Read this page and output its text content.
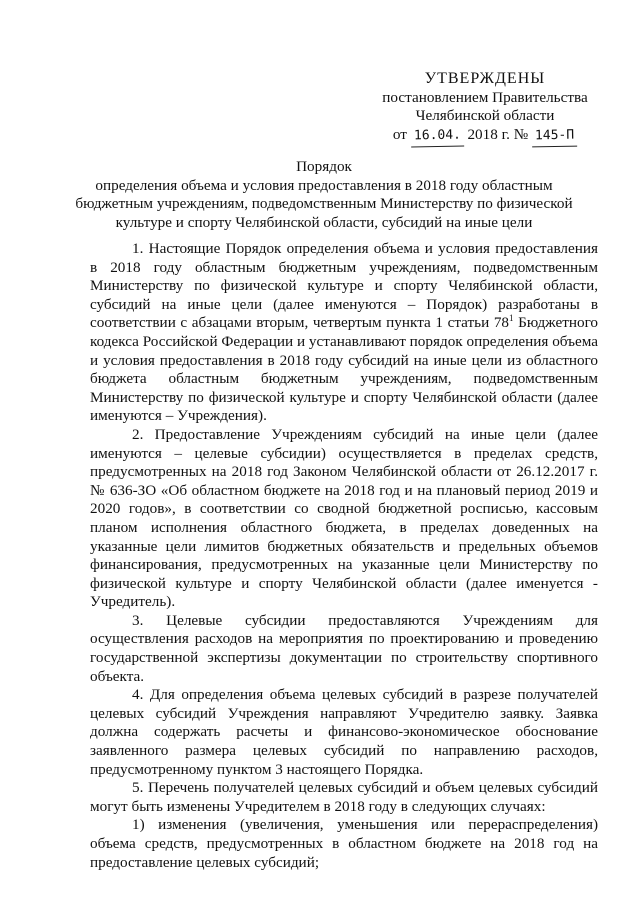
УТВЕРЖДЕНЫ
постановлением Правительства
Челябинской области
от 16.04. 2018 г. № 145-П
Порядок
определения объема и условия предоставления в 2018 году областным бюджетным учреждениям, подведомственным Министерству по физической культуре и спорту Челябинской области, субсидий на иные цели

1. Настоящие Порядок определения объема и условия предоставления в 2018 году областным бюджетным учреждениям, подведомственным Министерству по физической культуре и спорту Челябинской области, субсидий на иные цели (далее именуются – Порядок) разработаны в соответствии с абзацами вторым, четвертым пункта 1 статьи $78^1$ Бюджетного кодекса Российской Федерации и устанавливают порядок определения объема и условия предоставления в 2018 году субсидий на иные цели из областного бюджета областным бюджетным учреждениям, подведомственным Министерству по физической культуре и спорту Челябинской области (далее именуются – Учреждения).

2. Предоставление Учреждениям субсидий на иные цели (далее именуются – целевые субсидии) осуществляется в пределах средств, предусмотренных на 2018 год Законом Челябинской области от 26.12.2017 г. № 636-ЗО «Об областном бюджете на 2018 год и на плановый период 2019 и 2020 годов», в соответствии со сводной бюджетной росписью, кассовым планом исполнения областного бюджета, в пределах доведенных на указанные цели лимитов бюджетных обязательств и предельных объемов финансирования, предусмотренных на указанные цели Министерству по физической культуре и спорту Челябинской области (далее именуется - Учредитель).

3. Целевые субсидии предоставляются Учреждениям для осуществления расходов на мероприятия по проектированию и проведению государственной экспертизы документации по строительству спортивного объекта.

4. Для определения объема целевых субсидий в разрезе получателей целевых субсидий Учреждения направляют Учредителю заявку. Заявка должна содержать расчеты и финансово-экономическое обоснование заявленного размера целевых субсидий по направлению расходов, предусмотренному пунктом 3 настоящего Порядка.

5. Перечень получателей целевых субсидий и объем целевых субсидий могут быть изменены Учредителем в 2018 году в следующих случаях:

1) изменения (увеличения, уменьшения или перераспределения) объема средств, предусмотренных в областном бюджете на 2018 год на предоставление целевых субсидий;
